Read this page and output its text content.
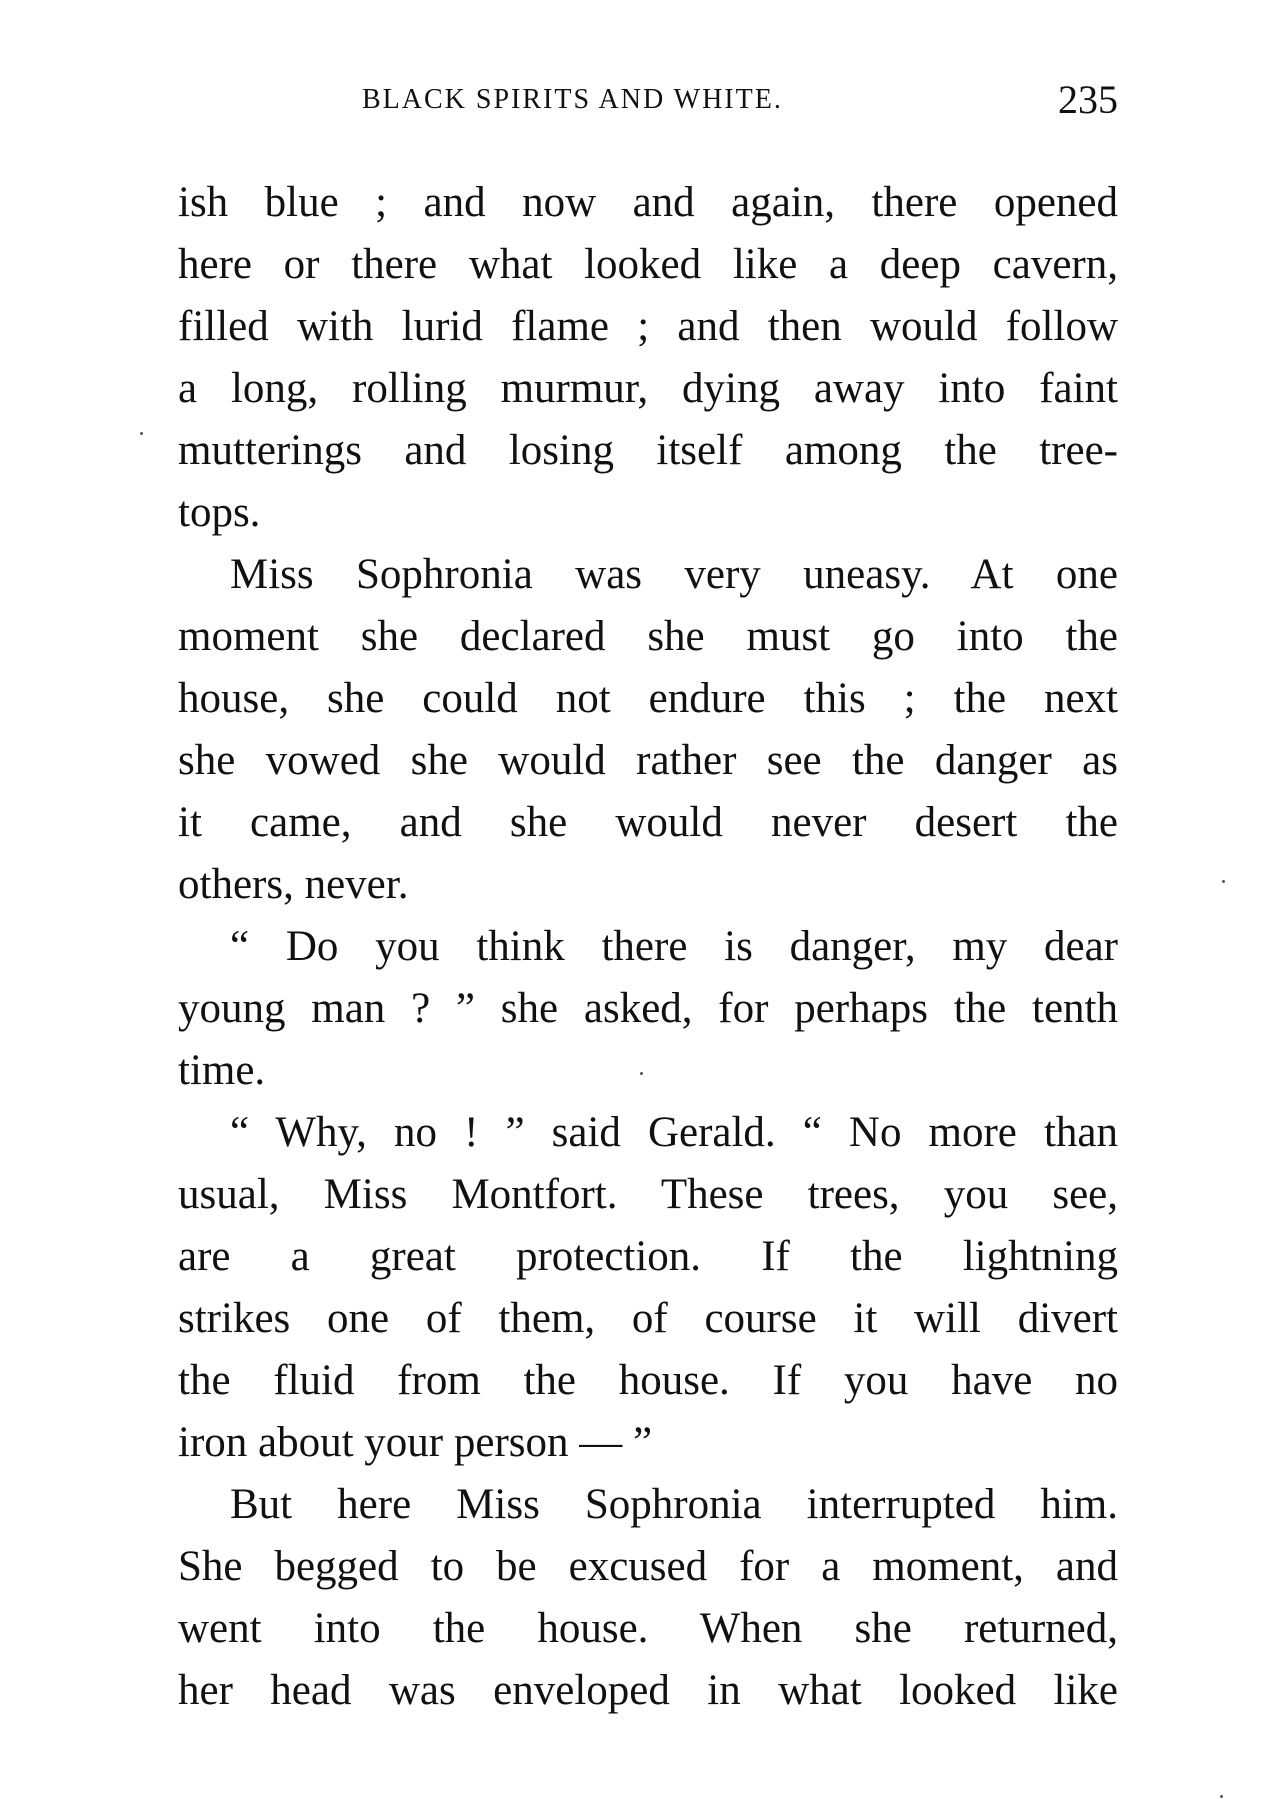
BLACK SPIRITS AND WHITE.	235
ish blue ; and now and again, there opened
here or there what looked like a deep cavern,
filled with lurid flame ; and then would follow
a long, rolling murmur, dying away into faint
mutterings and losing itself among the tree-
tops.
Miss Sophronia was very uneasy. At one
moment she declared she must go into the
house, she could not endure this ; the next
she vowed she would rather see the danger as
it came, and she would never desert the
others, never.
“ Do you think there is danger, my dear
young man ? ” she asked, for perhaps the tenth
time.
“ Why, no ! ” said Gerald. “ No more than
usual, Miss Montfort. These trees, you see,
are a great protection. If the lightning
strikes one of them, of course it will divert
the fluid from the house. If you have no
iron about your person — ”
But here Miss Sophronia interrupted him.
She begged to be excused for a moment, and
went into the house. When she returned,
her head was enveloped in what looked like
